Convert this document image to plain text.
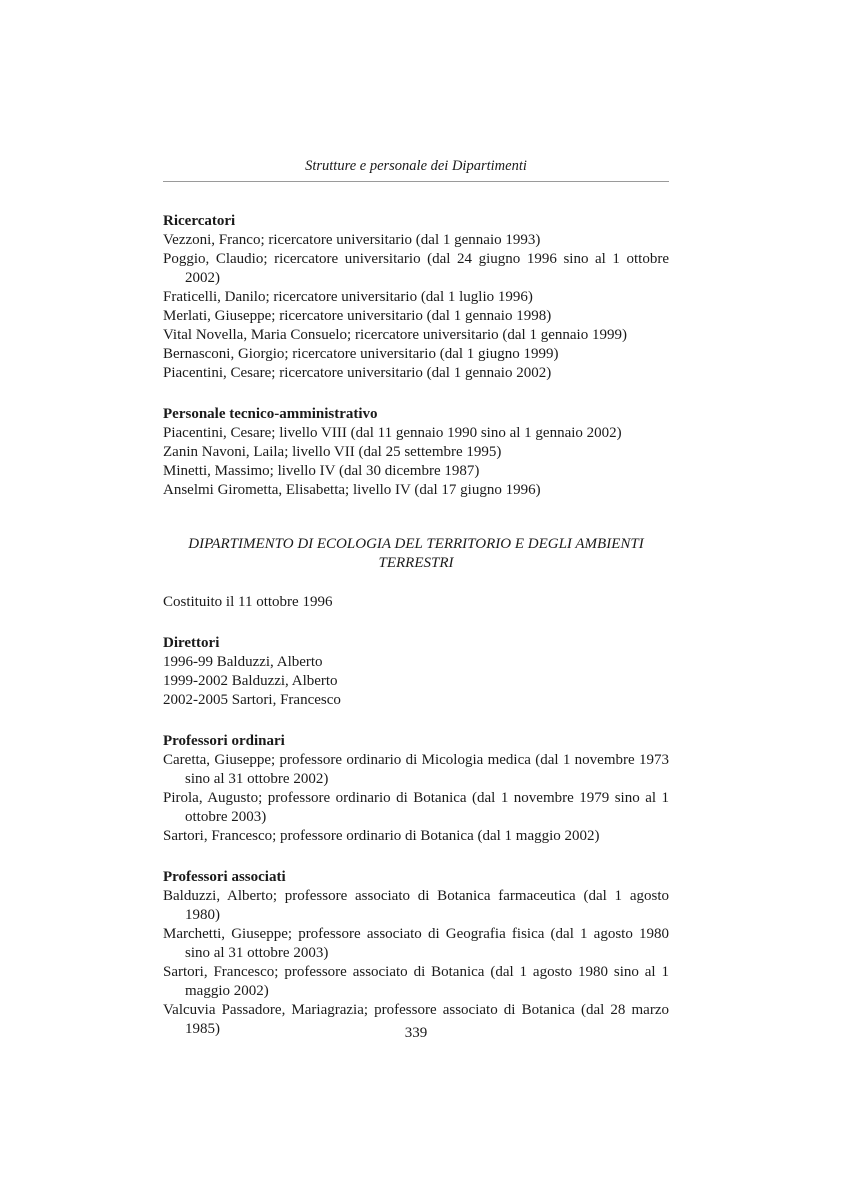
Strutture e personale dei Dipartimenti

Ricercatori

Vezzoni, Franco; ricercatore universitario (dal 1 gennaio 1993)

Poggio, Claudio; ricercatore universitario (dal 24 giugno 1996 sino al 1 ottobre 2002)

Fraticelli, Danilo; ricercatore universitario (dal 1 luglio 1996)

Merlati, Giuseppe; ricercatore universitario (dal 1 gennaio 1998)

Vital Novella, Maria Consuelo; ricercatore universitario (dal 1 gennaio 1999)

Bernasconi, Giorgio; ricercatore universitario (dal 1 giugno 1999)

Piacentini, Cesare; ricercatore universitario (dal 1 gennaio 2002)

Personale tecnico-amministrativo

Piacentini, Cesare; livello VIII (dal 11 gennaio 1990 sino al 1 gennaio 2002)

Zanin Navoni, Laila; livello VII (dal 25 settembre 1995)

Minetti, Massimo; livello IV (dal 30 dicembre 1987)

Anselmi Girometta, Elisabetta; livello IV (dal 17 giugno 1996)

DIPARTIMENTO DI ECOLOGIA DEL TERRITORIO E DEGLI AMBIENTI TERRESTRI

Costituito il 11 ottobre 1996

Direttori

1996-99 Balduzzi, Alberto

1999-2002 Balduzzi, Alberto

2002-2005 Sartori, Francesco

Professori ordinari

Caretta, Giuseppe; professore ordinario di Micologia medica (dal 1 novembre 1973 sino al 31 ottobre 2002)

Pirola, Augusto; professore ordinario di Botanica (dal 1 novembre 1979 sino al 1 ottobre 2003)

Sartori, Francesco; professore ordinario di Botanica (dal 1 maggio 2002)

Professori associati

Balduzzi, Alberto; professore associato di Botanica farmaceutica (dal 1 agosto 1980)

Marchetti, Giuseppe; professore associato di Geografia fisica (dal 1 agosto 1980 sino al 31 ottobre 2003)

Sartori, Francesco; professore associato di Botanica (dal 1 agosto 1980 sino al 1 maggio 2002)

Valcuvia Passadore, Mariagrazia; professore associato di Botanica (dal 28 marzo 1985)	339
